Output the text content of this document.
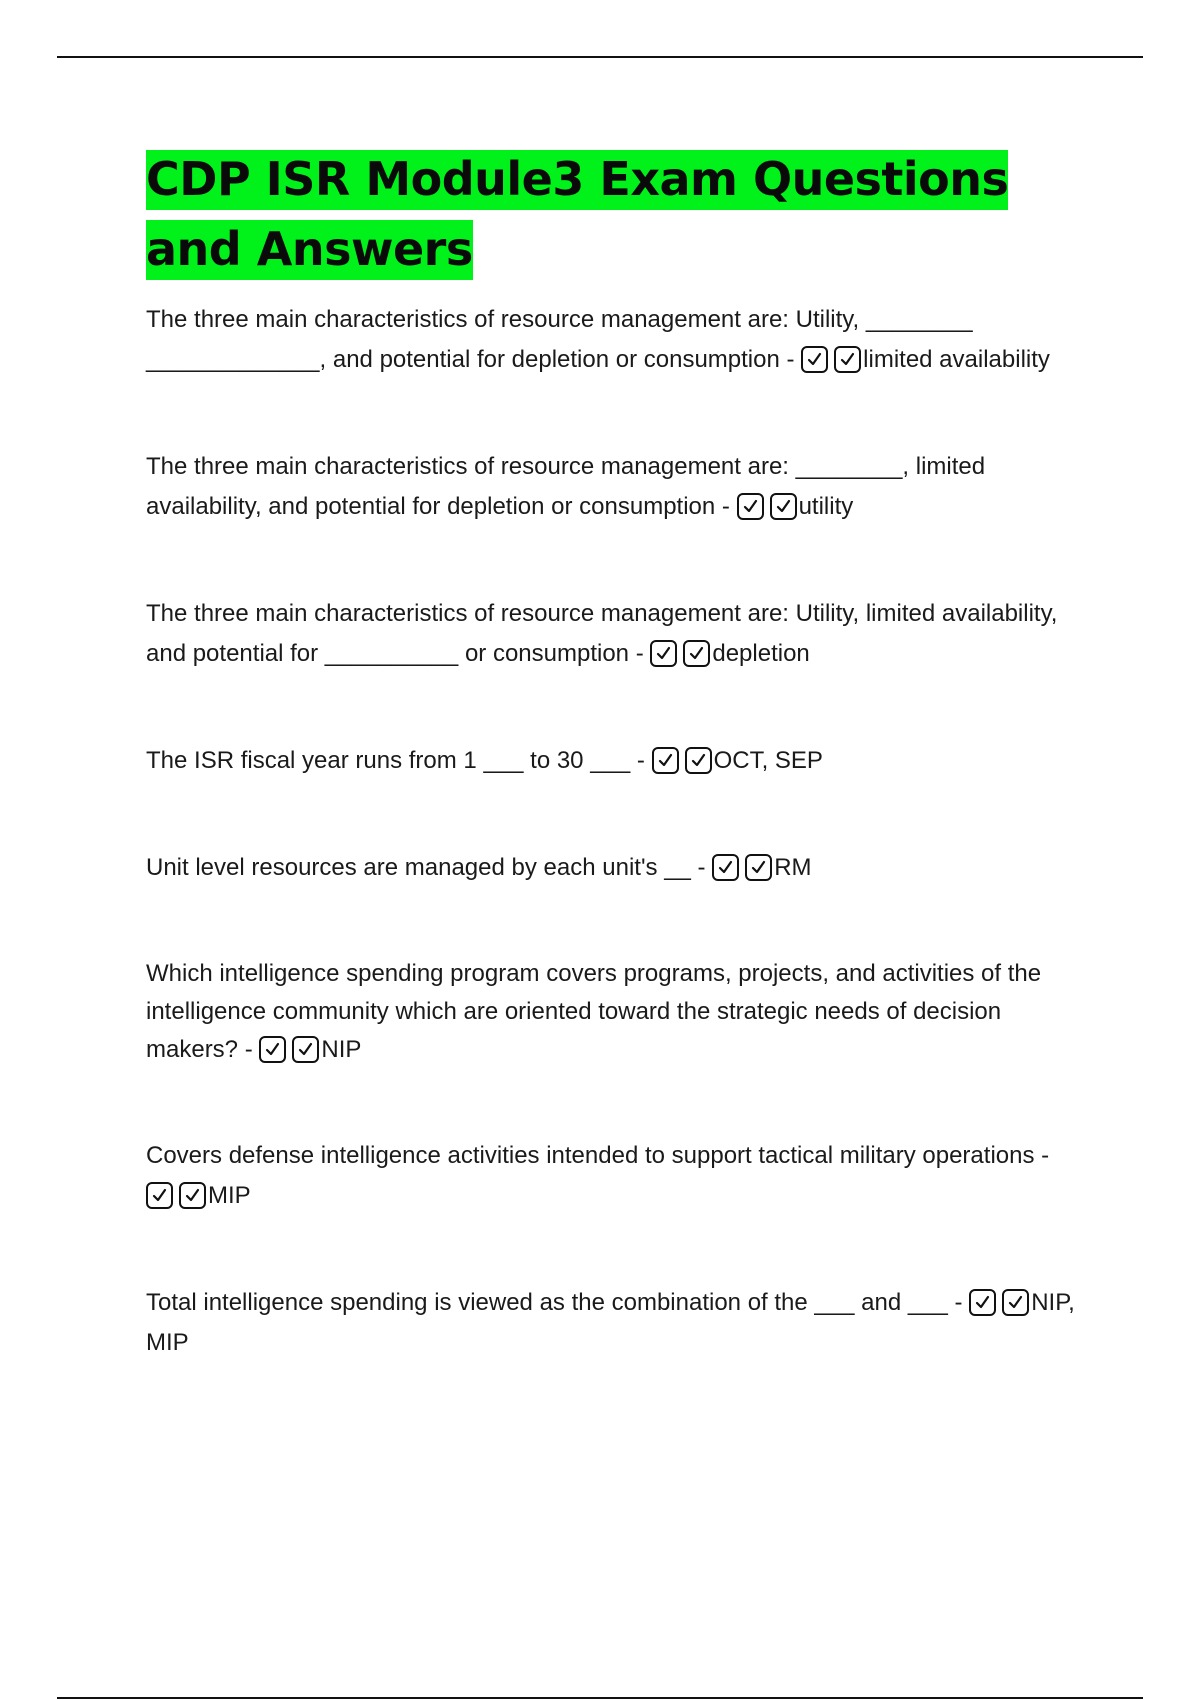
CDP ISR Module3 Exam Questions and Answers

The three main characteristics of resource management are: Utility, ________ _____________, and potential for depletion or consumption -	limited availability

The three main characteristics of resource management are: ________, limited availability, and potential for depletion or consumption -	utility

The three main characteristics of resource management are: Utility, limited availability, and potential for __________ or consumption -	depletion

The ISR fiscal year runs from 1 ___ to 30 ___ -	OCT, SEP

Unit level resources are managed by each unit's __ -	RM

Which intelligence spending program covers programs, projects, and activities of the intelligence community which are oriented toward the strategic needs of decision makers? -	NIP

Covers defense intelligence activities intended to support tactical military operations -
MIP

Total intelligence spending is viewed as the combination of the ___ and ___ -	NIP, MIP
